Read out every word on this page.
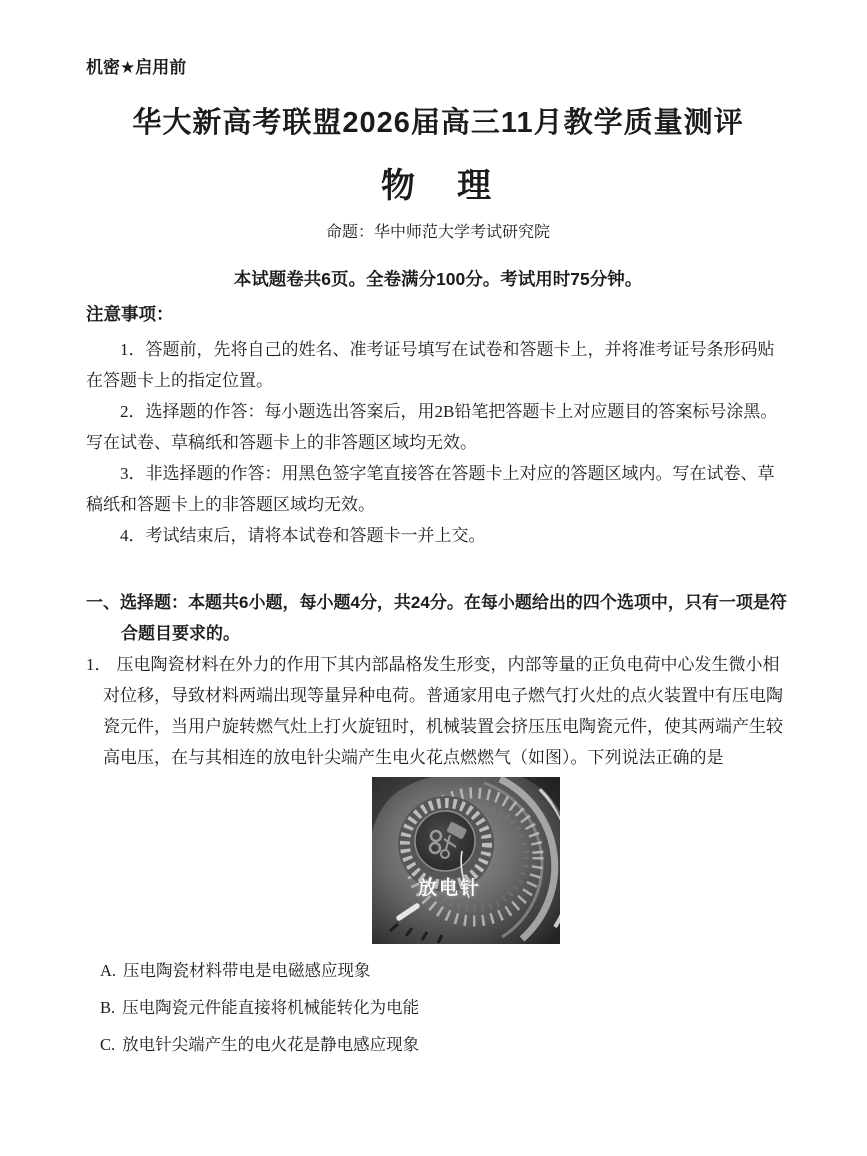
机密★启用前
华大新高考联盟2026届高三11月教学质量测评
物　理
命题：华中师范大学考试研究院
本试题卷共6页。全卷满分100分。考试用时75分钟。
注意事项：

1．答题前，先将自己的姓名、准考证号填写在试卷和答题卡上，并将准考证号条形码贴在答题卡上的指定位置。

2．选择题的作答：每小题选出答案后，用2B铅笔把答题卡上对应题目的答案标号涂黑。写在试卷、草稿纸和答题卡上的非答题区域均无效。

3．非选择题的作答：用黑色签字笔直接答在答题卡上对应的答题区域内。写在试卷、草稿纸和答题卡上的非答题区域均无效。

4．考试结束后，请将本试卷和答题卡一并上交。

一、选择题：本题共6小题，每小题4分，共24分。在每小题给出的四个选项中，只有一项是符合题目要求的。

1． 压电陶瓷材料在外力的作用下其内部晶格发生形变，内部等量的正负电荷中心发生微小相对位移，导致材料两端出现等量异种电荷。普通家用电子燃气打火灶的点火装置中有压电陶瓷元件，当用户旋转燃气灶上打火旋钮时，机械装置会挤压压电陶瓷元件，使其两端产生较高电压，在与其相连的放电针尖端产生电火花点燃燃气（如图）。下列说法正确的是

放电针
A. 压电陶瓷材料带电是电磁感应现象
B. 压电陶瓷元件能直接将机械能转化为电能
C. 放电针尖端产生的电火花是静电感应现象
